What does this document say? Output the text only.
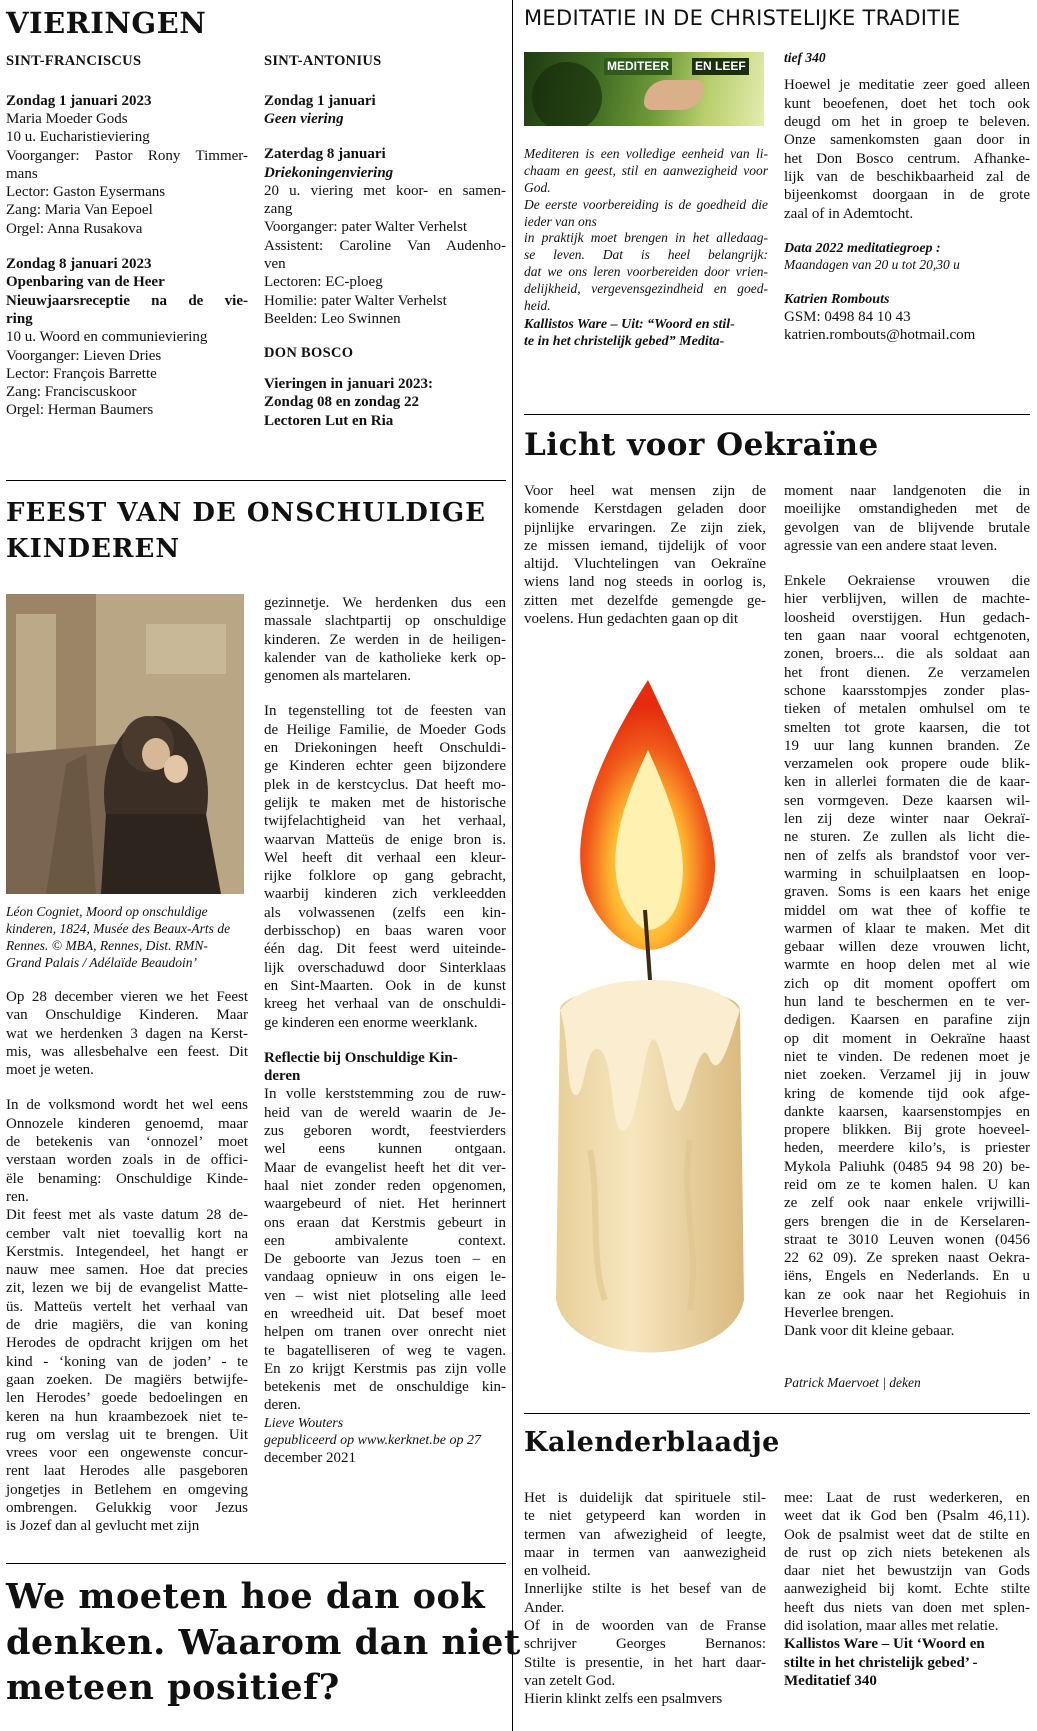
VIERINGEN
SINT-FRANCISCUS
Zondag 1 januari 2023
Maria Moeder Gods
10 u. Eucharistieviering
Voorganger: Pastor Rony Timmer-
mans
Lector: Gaston Eysermans
Zang: Maria Van Eepoel
Orgel: Anna Rusakova
Zondag 8 januari 2023
Openbaring van de Heer
Nieuwjaarsreceptie na de vie-
ring
10 u. Woord en communieviering
Voorganger: Lieven Dries
Lector: François Barrette
Zang: Franciscuskoor
Orgel: Herman Baumers
SINT-ANTONIUS
Zondag 1 januari
Geen viering
Zaterdag 8 januari
Driekoningenviering
20 u. viering met koor- en samen-
zang
Voorganger: pater Walter Verhelst
Assistent: Caroline Van Audenho-
ven
Lectoren: EC-ploeg
Homilie: pater Walter Verhelst
Beelden: Leo Swinnen
DON BOSCO
Vieringen in januari 2023:
Zondag 08 en zondag 22
Lectoren Lut en Ria
MEDITATIE IN DE CHRISTELIJKE TRADITIE
MEDITEER EN LEEF
Mediteren is een volledige eenheid van li-
chaam en geest, stil en aanwezigheid voor
God.
De eerste voorbereiding is de goedheid die
ieder van ons
in praktijk moet brengen in het alledaag-
se leven. Dat is heel belangrijk:
dat we ons leren voorbereiden door vrien-
delijkheid, vergevensgezindheid en goed-
heid.
Kallistos Ware – Uit: “Woord en stil-
te in het christelijk gebed” Medita-
tief 340
Hoewel je meditatie zeer goed alleen
kunt beoefenen, doet het toch ook
deugd om het in groep te beleven.
Onze samenkomsten gaan door in
het Don Bosco centrum. Afhanke-
lijk van de beschikbaarheid zal de
bijeenkomst doorgaan in de grote
zaal of in Ademtocht.
Data 2022 meditatiegroep :
Maandagen van 20 u tot 20,30 u
Katrien Rombouts
GSM: 0498 84 10 43
katrien.rombouts@hotmail.com
FEEST VAN DE ONSCHULDIGE
KINDEREN
Léon Cogniet, Moord op onschuldige
kinderen, 1824, Musée des Beaux-Arts de
Rennes. © MBA, Rennes, Dist. RMN-
Grand Palais / Adélaïde Beaudoin’
Op 28 december vieren we het Feest
van Onschuldige Kinderen. Maar
wat we herdenken 3 dagen na Kerst-
mis, was allesbehalve een feest. Dit
moet je weten.
In de volksmond wordt het wel eens
Onnozele kinderen genoemd, maar
de betekenis van ‘onnozel’ moet
verstaan worden zoals in de offici-
ële benaming: Onschuldige Kinde-
ren.
Dit feest met als vaste datum 28 de-
cember valt niet toevallig kort na
Kerstmis. Integendeel, het hangt er
nauw mee samen. Hoe dat precies
zit, lezen we bij de evangelist Matte-
üs. Matteüs vertelt het verhaal van
de drie magiërs, die van koning
Herodes de opdracht krijgen om het
kind - ‘koning van de joden’ - te
gaan zoeken. De magiërs betwijfe-
len Herodes’ goede bedoelingen en
keren na hun kraambezoek niet te-
rug om verslag uit te brengen. Uit
vrees voor een ongewenste concur-
rent laat Herodes alle pasgeboren
jongetjes in Betlehem en omgeving
ombrengen. Gelukkig voor Jezus
is Jozef dan al gevlucht met zijn
gezinnetje. We herdenken dus een
massale slachtpartij op onschuldige
kinderen. Ze werden in de heiligen-
kalender van de katholieke kerk op-
genomen als martelaren.
In tegenstelling tot de feesten van
de Heilige Familie, de Moeder Gods
en Driekoningen heeft Onschuldi-
ge Kinderen echter geen bijzondere
plek in de kerstcyclus. Dat heeft mo-
gelijk te maken met de historische
twijfelachtigheid van het verhaal,
waarvan Matteüs de enige bron is.
Wel heeft dit verhaal een kleur-
rijke folklore op gang gebracht,
waarbij kinderen zich verkleedden
als volwassenen (zelfs een kin-
derbisschop) en baas waren voor
één dag. Dit feest werd uiteinde-
lijk overschaduwd door Sinterklaas
en Sint-Maarten. Ook in de kunst
kreeg het verhaal van de onschuldi-
ge kinderen een enorme weerklank.
Reflectie bij Onschuldige Kin-
deren
In volle kerststemming zou de ruw-
heid van de wereld waarin de Je-
zus geboren wordt, feestvierders
wel eens kunnen ontgaan.
Maar de evangelist heeft het dit ver-
haal niet zonder reden opgenomen,
waargebeurd of niet. Het herinnert
ons eraan dat Kerstmis gebeurt in
een ambivalente context.
De geboorte van Jezus toen – en
vandaag opnieuw in ons eigen le-
ven – wist niet plotseling alle leed
en wreedheid uit. Dat besef moet
helpen om tranen over onrecht niet
te bagatelliseren of weg te vagen.
En zo krijgt Kerstmis pas zijn volle
betekenis met de onschuldige kin-
deren.
Lieve Wouters
gepubliceerd op www.kerknet.be op 27
december 2021
We moeten hoe dan ook
denken. Waarom dan niet
meteen positief?
Licht voor Oekraïne
Voor heel wat mensen zijn de
komende Kerstdagen geladen door
pijnlijke ervaringen. Ze zijn ziek,
ze missen iemand, tijdelijk of voor
altijd. Vluchtelingen van Oekraïne
wiens land nog steeds in oorlog is,
zitten met dezelfde gemengde ge-
voelens. Hun gedachten gaan op dit
moment naar landgenoten die in
moeilijke omstandigheden met de
gevolgen van de blijvende brutale
agressie van een andere staat leven.
Enkele Oekraiense vrouwen die
hier verblijven, willen de machte-
loosheid overstijgen. Hun gedach-
ten gaan naar vooral echtgenoten,
zonen, broers... die als soldaat aan
het front dienen. Ze verzamelen
schone kaarsstompjes zonder plas-
tieken of metalen omhulsel om te
smelten tot grote kaarsen, die tot
19 uur lang kunnen branden. Ze
verzamelen ook propere oude blik-
ken in allerlei formaten die de kaar-
sen vormgeven. Deze kaarsen wil-
len zij deze winter naar Oekraï-
ne sturen. Ze zullen als licht die-
nen of zelfs als brandstof voor ver-
warming in schuilplaatsen en loop-
graven. Soms is een kaars het enige
middel om wat thee of koffie te
warmen of klaar te maken. Met dit
gebaar willen deze vrouwen licht,
warmte en hoop delen met al wie
zich op dit moment opoffert om
hun land te beschermen en te ver-
dedigen. Kaarsen en parafine zijn
op dit moment in Oekraïne haast
niet te vinden. De redenen moet je
niet zoeken. Verzamel jij in jouw
kring de komende tijd ook afge-
dankte kaarsen, kaarsenstompjes en
propere blikken. Bij grote hoeveel-
heden, meerdere kilo’s, is priester
Mykola Paliuhk (0485 94 98 20) be-
reid om ze te komen halen. U kan
ze zelf ook naar enkele vrijwilli-
gers brengen die in de Kerselaren-
straat te 3010 Leuven wonen (0456
22 62 09). Ze spreken naast Oekra-
iëns, Engels en Nederlands. En u
kan ze ook naar het Regiohuis in
Heverlee brengen.
Dank voor dit kleine gebaar.
Patrick Maervoet | deken
Kalenderblaadje
Het is duidelijk dat spirituele stil-
te niet getypeerd kan worden in
termen van afwezigheid of leegte,
maar in termen van aanwezigheid
en volheid.
Innerlijke stilte is het besef van de
Ander.
Of in de woorden van de Franse
schrijver Georges Bernanos:
Stilte is presentie, in het hart daar-
van zetelt God.
Hierin klinkt zelfs een psalmvers
mee: Laat de rust wederkeren, en
weet dat ik God ben (Psalm 46,11).
Ook de psalmist weet dat de stilte en
de rust op zich niets betekenen als
daar niet het bewustzijn van Gods
aanwezigheid bij komt. Echte stilte
heeft dus niets van doen met splen-
did isolation, maar alles met relatie.
Kallistos Ware – Uit ‘Woord en
stilte in het christelijk gebed’ -
Meditatief 340
